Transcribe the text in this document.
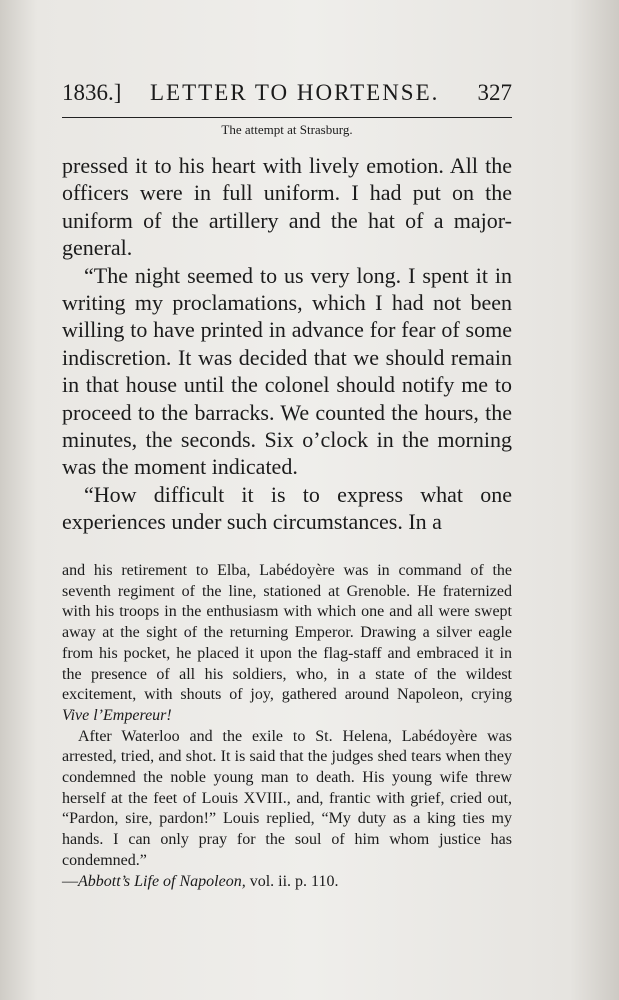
1836.] LETTER TO HORTENSE. 327
The attempt at Strasburg.

pressed it to his heart with lively emotion. All the officers were in full uniform. I had put on the uniform of the artillery and the hat of a major-general.

“The night seemed to us very long. I spent it in writing my proclamations, which I had not been willing to have printed in advance for fear of some indiscretion. It was decided that we should remain in that house until the colonel should notify me to proceed to the barracks. We counted the hours, the minutes, the seconds. Six o’clock in the morning was the moment indicated.

“How difficult it is to express what one experiences under such circumstances. In a

and his retirement to Elba, Labédoyère was in command of the seventh regiment of the line, stationed at Grenoble. He fraternized with his troops in the enthusiasm with which one and all were swept away at the sight of the returning Emperor. Drawing a silver eagle from his pocket, he placed it upon the flag-staff and embraced it in the presence of all his soldiers, who, in a state of the wildest excitement, with shouts of joy, gathered around Napoleon, crying Vive l’Empereur!

After Waterloo and the exile to St. Helena, Labédoyère was arrested, tried, and shot. It is said that the judges shed tears when they condemned the noble young man to death. His young wife threw herself at the feet of Louis XVIII., and, frantic with grief, cried out, “Pardon, sire, pardon!” Louis replied, “My duty as a king ties my hands. I can only pray for the soul of him whom justice has condemned.”
—Abbott’s Life of Napoleon, vol. ii. p. 110.
